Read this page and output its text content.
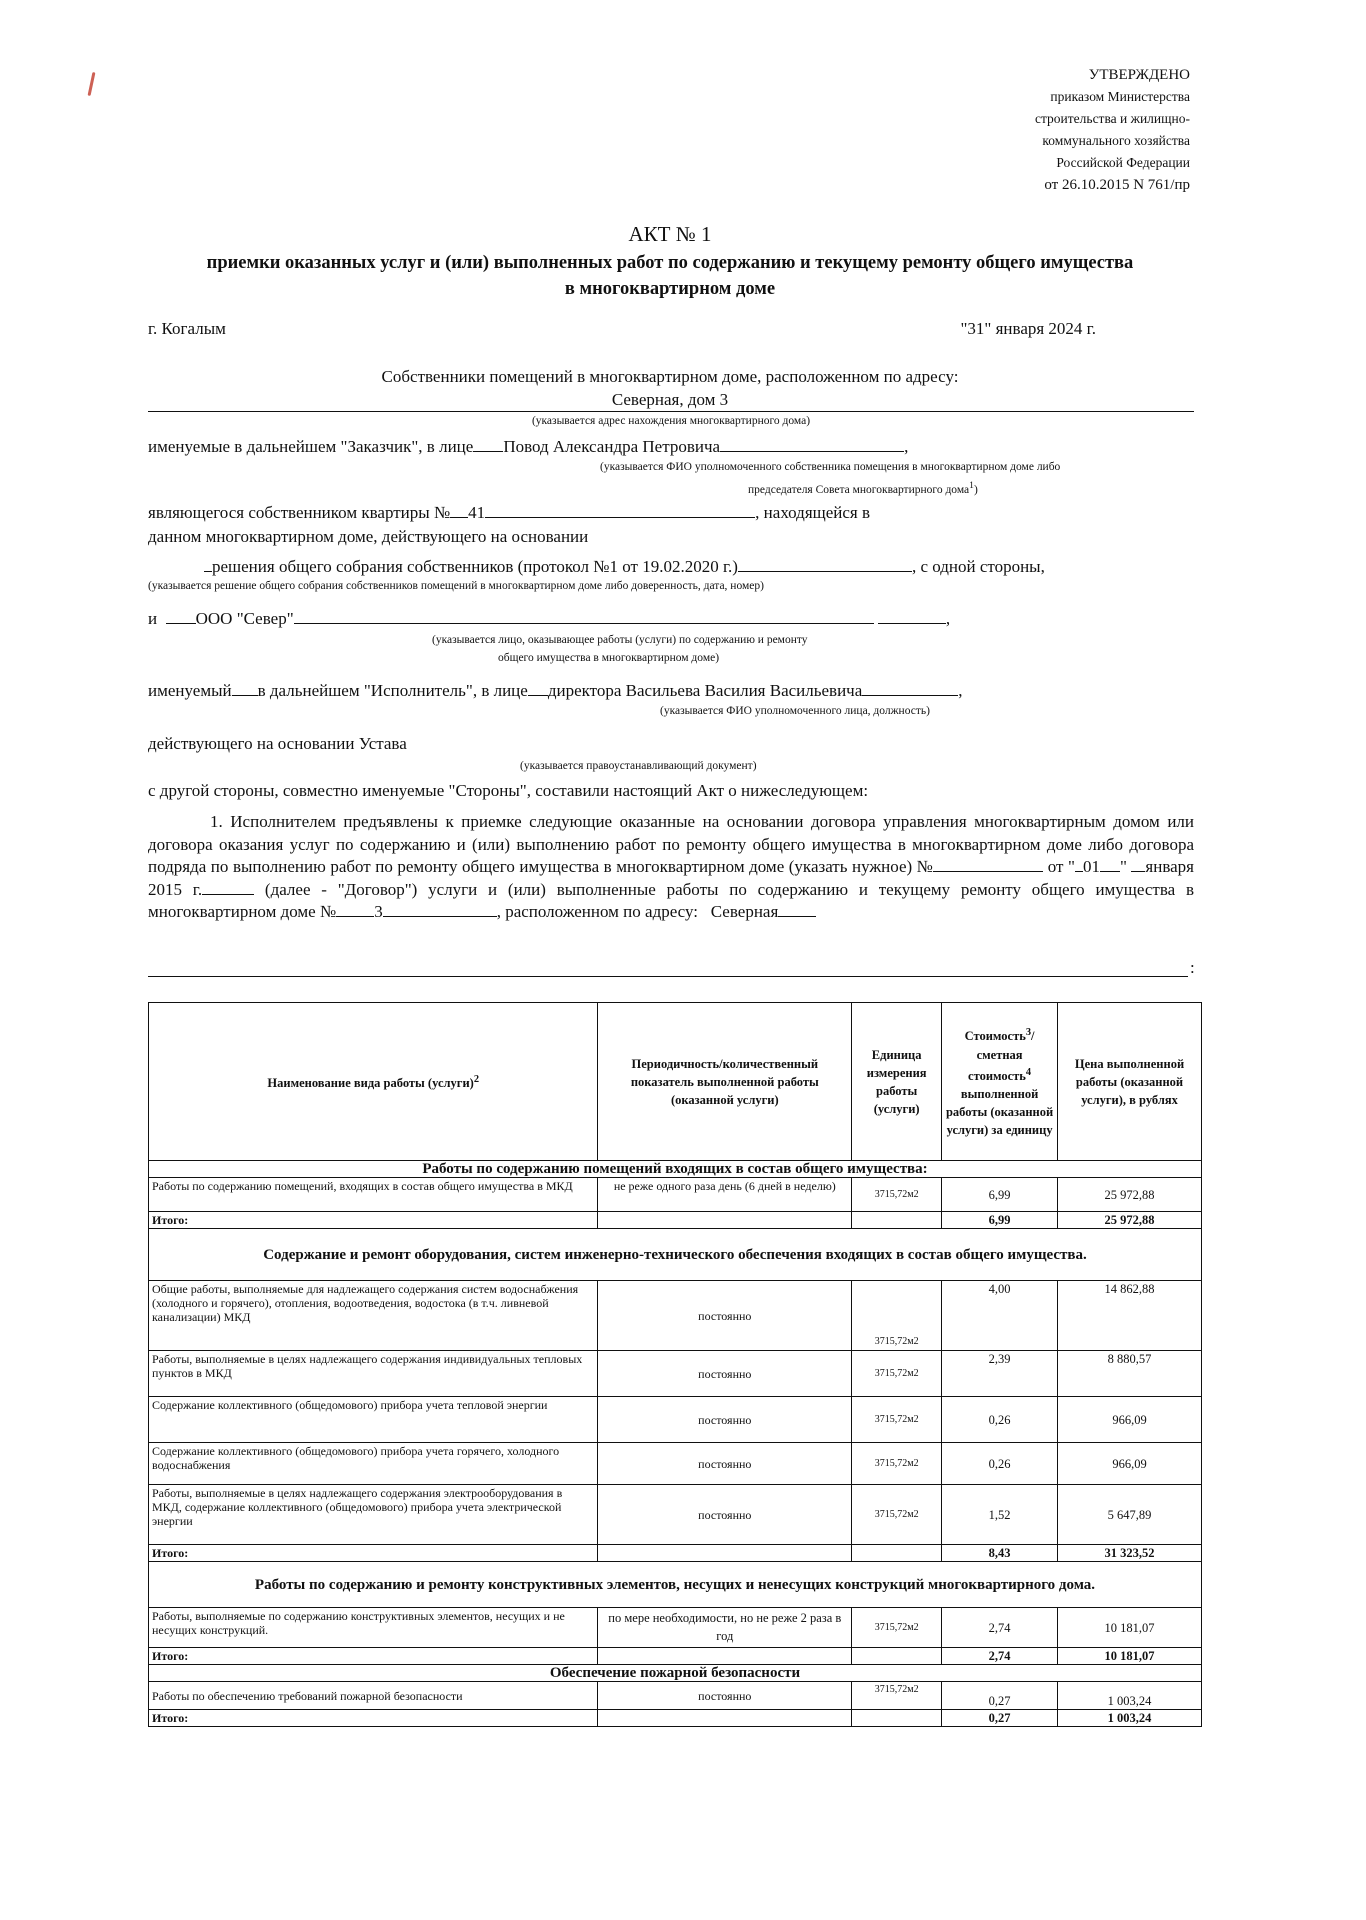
УТВЕРЖДЕНО
приказом Министерства
строительства и жилищно-
коммунального хозяйства
Российской Федерации
от 26.10.2015 N 761/пр
АКТ № 1
приемки оказанных услуг и (или) выполненных работ по содержанию и текущему ремонту общего имущества
в многоквартирном доме
г. Когалым	"31" января 2024 г.
Собственники помещений в многоквартирном доме, расположенном по адресу:
Северная, дом 3
(указывается адрес нахождения многоквартирного дома)
именуемые в дальнейшем "Заказчик", в лице Повод Александра Петровича	,
(указывается ФИО уполномоченного собственника помещения в многоквартирном доме либо
председателя Совета многоквартирного дома$^1$)
являющегося собственником квартиры № 41	, находящейся в
данном многоквартирном доме, действующего на основании
решения общего собрания собственников (протокол №1 от 19.02.2020 г.)	, с одной стороны,
(указывается решение общего собрания собственников помещений в многоквартирном доме либо доверенность, дата, номер)
и ООО "Север"	,
(указывается лицо, оказывающее работы (услуги) по содержанию и ремонту
общего имущества в многоквартирном доме)
именуемый в дальнейшем "Исполнитель", в лице директора Васильева Василия Васильевича	,
(указывается ФИО уполномоченного лица, должность)
действующего на основании Устава
(указывается правоустанавливающий документ)
с другой стороны, совместно именуемые "Стороны", составили настоящий Акт о нижеследующем:
1. Исполнителем предъявлены к приемке следующие оказанные на основании договора управления многоквартирным домом или договора оказания услуг по содержанию и (или) выполнению работ по ремонту общего имущества в многоквартирном доме либо договора подряда по выполнению работ по ремонту общего имущества в многоквартирном доме (указать нужное) №	от " 01 " января 2015 г.	(далее - "Договор") услуги и (или) выполненные работы по содержанию и текущему ремонту общего имущества в многоквартирном доме № 3	, расположенном по адресу: Северная
:
Наименование вида работы (услуги)$^2$	Периодичность/количественный показатель выполненной работы (оказанной услуги)	Единица измерения работы (услуги)	Стоимость$^3$/сметная стоимость$^4$ выполненной работы (оказанной услуги) за единицу	Цена выполненной работы (оказанной услуги), в рублях
Работы по содержанию помещений входящих в состав общего имущества:				
Работы по содержанию помещений, входящих в состав общего имущества в МКД	не реже одного раза день (6 дней в неделю)	3715,72м2	6,99	25 972,88
Итого:			6,99	25 972,88
Содержание и ремонт оборудования, систем инженерно-технического обеспечения входящих в состав общего имущества.				
Общие работы, выполняемые для надлежащего содержания систем водоснабжения (холодного и горячего), отопления, водоотведения, водостока (в т.ч. ливневой канализации) МКД	постоянно	3715,72м2	4,00	14 862,88
Работы, выполняемые в целях надлежащего содержания индивидуальных тепловых пунктов в МКД	постоянно	3715,72м2	2,39	8 880,57
Содержание коллективного (общедомового) прибора учета тепловой энергии	постоянно	3715,72м2	0,26	966,09
Содержание коллективного (общедомового) прибора учета горячего, холодного водоснабжения	постоянно	3715,72м2	0,26	966,09
Работы, выполняемые в целях надлежащего содержания электрооборудования в МКД, содержание коллективного (общедомового) прибора учета электрической энергии	постоянно	3715,72м2	1,52	5 647,89
Итого:			8,43	31 323,52
Работы по содержанию и ремонту конструктивных элементов, несущих и ненесущих конструкций многоквартирного дома.				
Работы, выполняемые по содержанию конструктивных элементов, несущих и не несущих конструкций.	по мере необходимости, но не реже 2 раза в год	3715,72м2	2,74	10 181,07
Итого:			2,74	10 181,07
Обеспечение пожарной безопасности				
Работы по обеспечению требований пожарной безопасности	постоянно	3715,72м2	0,27	1 003,24
Итого:			0,27	1 003,24
